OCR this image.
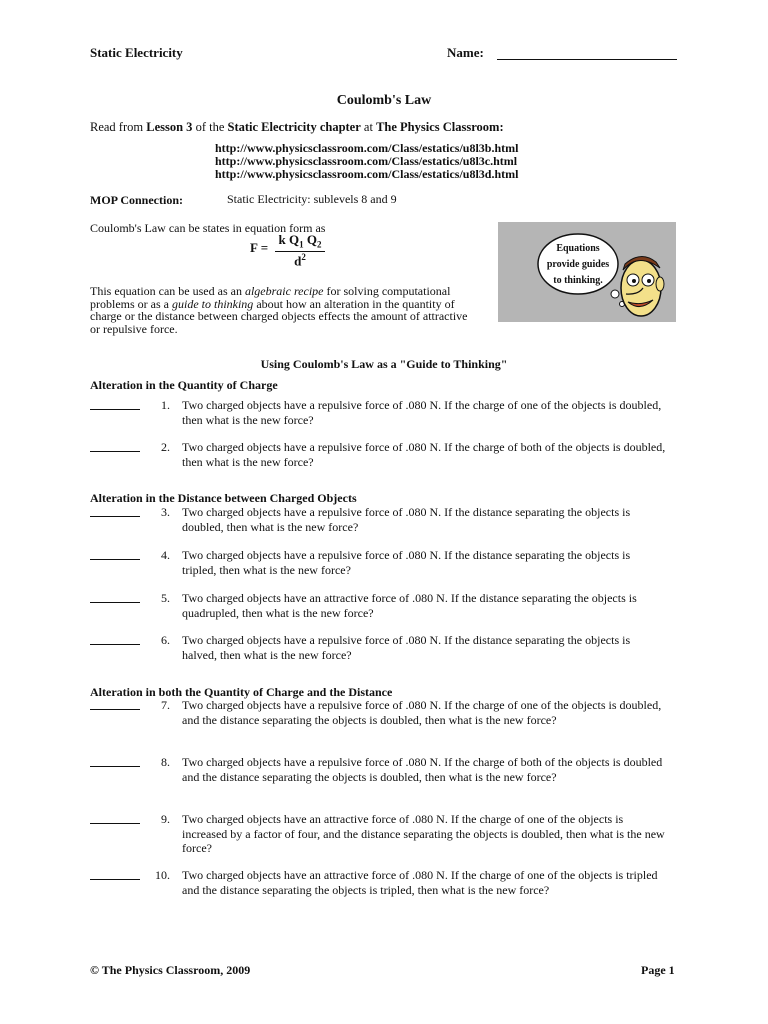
Static Electricity	Name:
Coulomb's Law
Read from Lesson 3 of the Static Electricity chapter at The Physics Classroom:
http://www.physicsclassroom.com/Class/estatics/u8l3b.html
http://www.physicsclassroom.com/Class/estatics/u8l3c.html
http://www.physicsclassroom.com/Class/estatics/u8l3d.html
MOP Connection:	Static Electricity: sublevels 8 and 9
Coulomb's Law can be states in equation form as
$F = \frac{k Q_1 Q_2}{d^2}$
This equation can be used as an algebraic recipe for solving computational problems or as a guide to thinking about how an alteration in the quantity of charge or the distance between charged objects effects the amount of attractive or repulsive force.
Equations
provide guides
to thinking.
Using Coulomb's Law as a "Guide to Thinking"
Alteration in the Quantity of Charge
1. Two charged objects have a repulsive force of .080 N. If the charge of one of the objects is doubled, then what is the new force?
2. Two charged objects have a repulsive force of .080 N. If the charge of both of the objects is doubled, then what is the new force?
Alteration in the Distance between Charged Objects
3. Two charged objects have a repulsive force of .080 N. If the distance separating the objects is doubled, then what is the new force?
4. Two charged objects have a repulsive force of .080 N. If the distance separating the objects is tripled, then what is the new force?
5. Two charged objects have an attractive force of .080 N. If the distance separating the objects is quadrupled, then what is the new force?
6. Two charged objects have a repulsive force of .080 N. If the distance separating the objects is halved, then what is the new force?
Alteration in both the Quantity of Charge and the Distance
7. Two charged objects have a repulsive force of .080 N. If the charge of one of the objects is doubled, and the distance separating the objects is doubled, then what is the new force?
8. Two charged objects have a repulsive force of .080 N. If the charge of both of the objects is doubled and the distance separating the objects is doubled, then what is the new force?
9. Two charged objects have an attractive force of .080 N. If the charge of one of the objects is increased by a factor of four, and the distance separating the objects is doubled, then what is the new force?
10. Two charged objects have an attractive force of .080 N. If the charge of one of the objects is tripled and the distance separating the objects is tripled, then what is the new force?
© The Physics Classroom, 2009	Page 1
